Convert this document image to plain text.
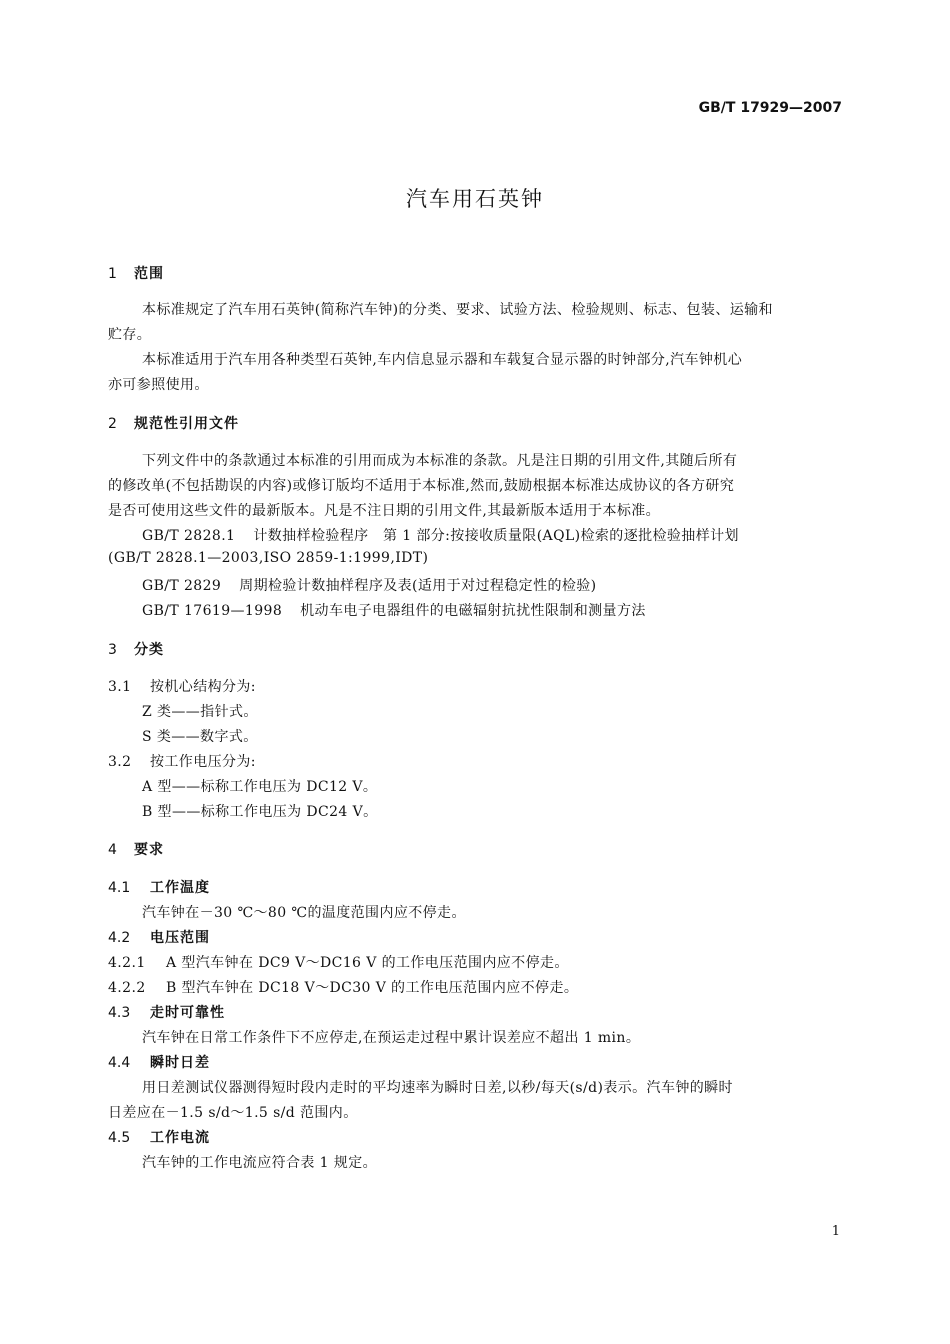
GB/T 17929—2007
汽车用石英钟
1 范围
本标准规定了汽车用石英钟(简称汽车钟)的分类、要求、试验方法、检验规则、标志、包装、运输和
贮存。
本标准适用于汽车用各种类型石英钟,车内信息显示器和车载复合显示器的时钟部分,汽车钟机心
亦可参照使用。
2 规范性引用文件
下列文件中的条款通过本标准的引用而成为本标准的条款。凡是注日期的引用文件,其随后所有
的修改单(不包括勘误的内容)或修订版均不适用于本标准,然而,鼓励根据本标准达成协议的各方研究
是否可使用这些文件的最新版本。凡是不注日期的引用文件,其最新版本适用于本标准。
GB/T 2828.1 计数抽样检验程序　第 1 部分:按接收质量限(AQL)检索的逐批检验抽样计划
(GB/T 2828.1—2003,ISO 2859-1:1999,IDT)
GB/T 2829 周期检验计数抽样程序及表(适用于对过程稳定性的检验)
GB/T 17619—1998 机动车电子电器组件的电磁辐射抗扰性限制和测量方法
3 分类
3.1 按机心结构分为:
Z 类——指针式。
S 类——数字式。
3.2 按工作电压分为:
A 型——标称工作电压为 DC12 V。
B 型——标称工作电压为 DC24 V。
4 要求
4.1 工作温度
汽车钟在－30 ℃～80 ℃的温度范围内应不停走。
4.2 电压范围
4.2.1 A 型汽车钟在 DC9 V～DC16 V 的工作电压范围内应不停走。
4.2.2 B 型汽车钟在 DC18 V～DC30 V 的工作电压范围内应不停走。
4.3 走时可靠性
汽车钟在日常工作条件下不应停走,在预运走过程中累计误差应不超出 1 min。
4.4 瞬时日差
用日差测试仪器测得短时段内走时的平均速率为瞬时日差,以秒/每天(s/d)表示。汽车钟的瞬时
日差应在－1.5 s/d～1.5 s/d 范围内。
4.5 工作电流
汽车钟的工作电流应符合表 1 规定。
1
